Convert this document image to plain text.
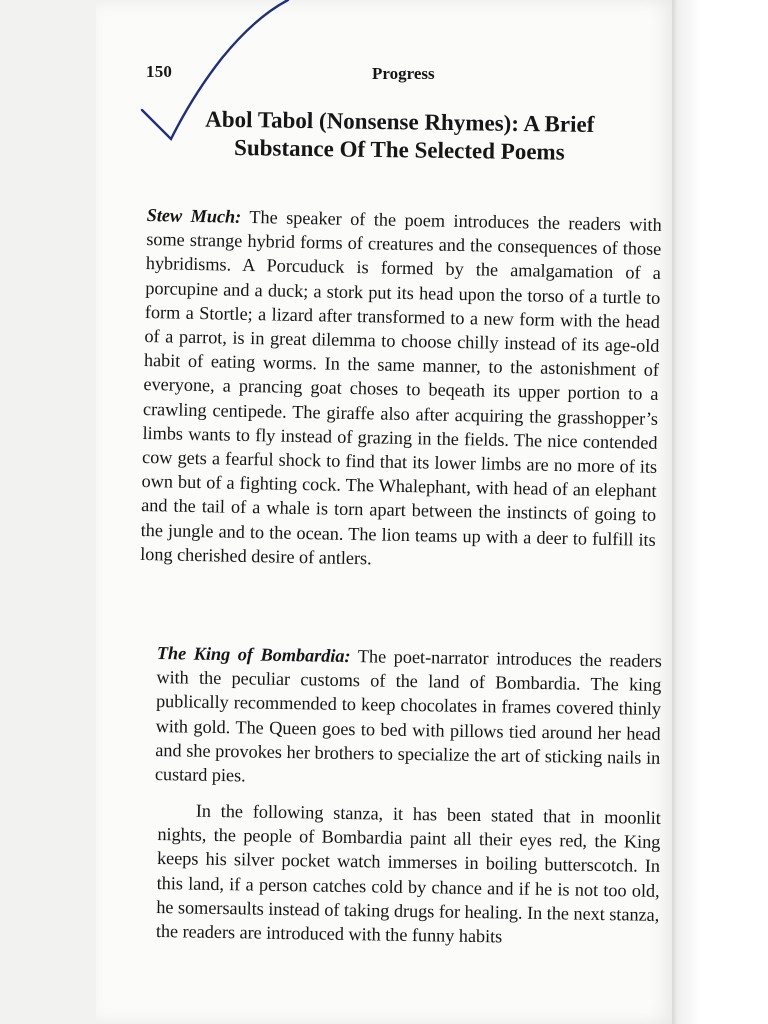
150	Progress
Abol Tabol (Nonsense Rhymes): A Brief
Substance Of The Selected Poems
Stew Much: The speaker of the poem introduces the readers with some strange hybrid forms of creatures and the consequences of those hybridisms. A Porcuduck is formed by the amalgamation of a porcupine and a duck; a stork put its head upon the torso of a turtle to form a Stortle; a lizard after transformed to a new form with the head of a parrot, is in great dilemma to choose chilly instead of its age-old habit of eating worms. In the same manner, to the astonishment of everyone, a prancing goat choses to beqeath its upper portion to a crawling centipede. The giraffe also after acquiring the grasshopper’s limbs wants to fly instead of grazing in the fields. The nice contended cow gets a fearful shock to find that its lower limbs are no more of its own but of a fighting cock. The Whalephant, with head of an elephant and the tail of a whale is torn apart between the instincts of going to the jungle and to the ocean. The lion teams up with a deer to fulfill its long cherished desire of antlers.
The King of Bombardia: The poet-narrator introduces the readers with the peculiar customs of the land of Bombardia. The king publically recommended to keep chocolates in frames covered thinly with gold. The Queen goes to bed with pillows tied around her head and she provokes her brothers to specialize the art of sticking nails in custard pies.
In the following stanza, it has been stated that in moonlit nights, the people of Bombardia paint all their eyes red, the King keeps his silver pocket watch immerses in boiling butterscotch. In this land, if a person catches cold by chance and if he is not too old, he somersaults instead of taking drugs for healing. In the next stanza, the readers are introduced with the funny habits
